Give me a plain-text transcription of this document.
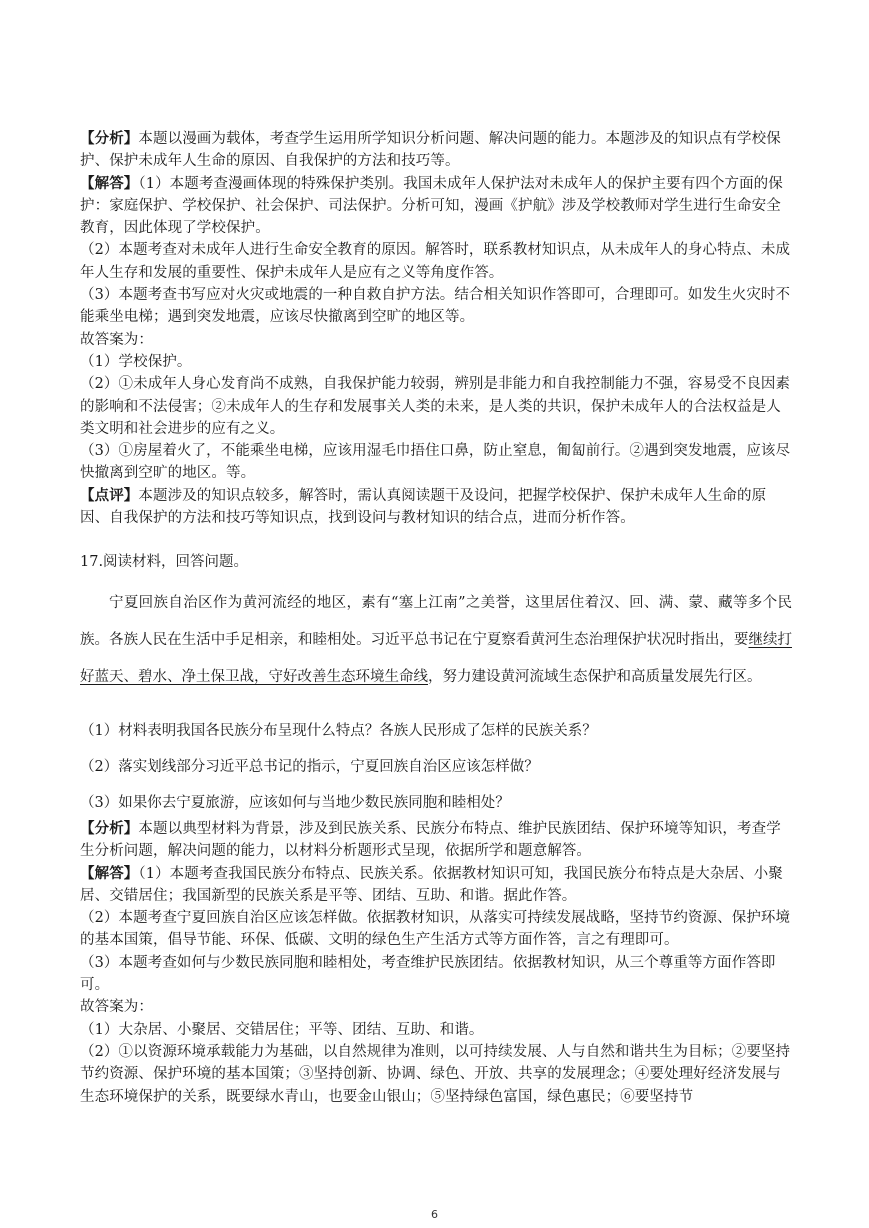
【分析】本题以漫画为载体，考查学生运用所学知识分析问题、解决问题的能力。本题涉及的知识点有学校保护、保护未成年人生命的原因、自我保护的方法和技巧等。

【解答】（1）本题考查漫画体现的特殊保护类别。我国未成年人保护法对未成年人的保护主要有四个方面的保护：家庭保护、学校保护、社会保护、司法保护。分析可知，漫画《护航》涉及学校教师对学生进行生命安全教育，因此体现了学校保护。

（2）本题考查对未成年人进行生命安全教育的原因。解答时，联系教材知识点，从未成年人的身心特点、未成年人生存和发展的重要性、保护未成年人是应有之义等角度作答。

（3）本题考查书写应对火灾或地震的一种自救自护方法。结合相关知识作答即可，合理即可。如发生火灾时不能乘坐电梯；遇到突发地震，应该尽快撤离到空旷的地区等。

故答案为：

（1）学校保护。

（2）①未成年人身心发育尚不成熟，自我保护能力较弱，辨别是非能力和自我控制能力不强，容易受不良因素的影响和不法侵害；②未成年人的生存和发展事关人类的未来，是人类的共识，保护未成年人的合法权益是人类文明和社会进步的应有之义。

（3）①房屋着火了，不能乘坐电梯，应该用湿毛巾捂住口鼻，防止窒息，匍匐前行。②遇到突发地震，应该尽快撤离到空旷的地区。等。

【点评】本题涉及的知识点较多，解答时，需认真阅读题干及设问，把握学校保护、保护未成年人生命的原因、自我保护的方法和技巧等知识点，找到设问与教材知识的结合点，进而分析作答。

17.阅读材料，回答问题。

宁夏回族自治区作为黄河流经的地区，素有“塞上江南”之美誉，这里居住着汉、回、满、蒙、藏等多个民族。各族人民在生活中手足相亲，和睦相处。习近平总书记在宁夏察看黄河生态治理保护状况时指出，要继续打好蓝天、碧水、净土保卫战，守好改善生态环境生命线，努力建设黄河流域生态保护和高质量发展先行区。

（1）材料表明我国各民族分布呈现什么特点？各族人民形成了怎样的民族关系？

（2）落实划线部分习近平总书记的指示，宁夏回族自治区应该怎样做？

（3）如果你去宁夏旅游，应该如何与当地少数民族同胞和睦相处？

【分析】本题以典型材料为背景，涉及到民族关系、民族分布特点、维护民族团结、保护环境等知识，考查学生分析问题，解决问题的能力，以材料分析题形式呈现，依据所学和题意解答。

【解答】（1）本题考查我国民族分布特点、民族关系。依据教材知识可知，我国民族分布特点是大杂居、小聚居、交错居住；我国新型的民族关系是平等、团结、互助、和谐。据此作答。

（2）本题考查宁夏回族自治区应该怎样做。依据教材知识，从落实可持续发展战略，坚持节约资源、保护环境的基本国策，倡导节能、环保、低碳、文明的绿色生产生活方式等方面作答，言之有理即可。

（3）本题考查如何与少数民族同胞和睦相处，考查维护民族团结。依据教材知识，从三个尊重等方面作答即可。

故答案为：

（1）大杂居、小聚居、交错居住；平等、团结、互助、和谐。

（2）①以资源环境承载能力为基础，以自然规律为准则，以可持续发展、人与自然和谐共生为目标；②要坚持节约资源、保护环境的基本国策；③坚持创新、协调、绿色、开放、共享的发展理念；④要处理好经济发展与生态环境保护的关系，既要绿水青山，也要金山银山；⑤坚持绿色富国，绿色惠民；⑥要坚持节

6
